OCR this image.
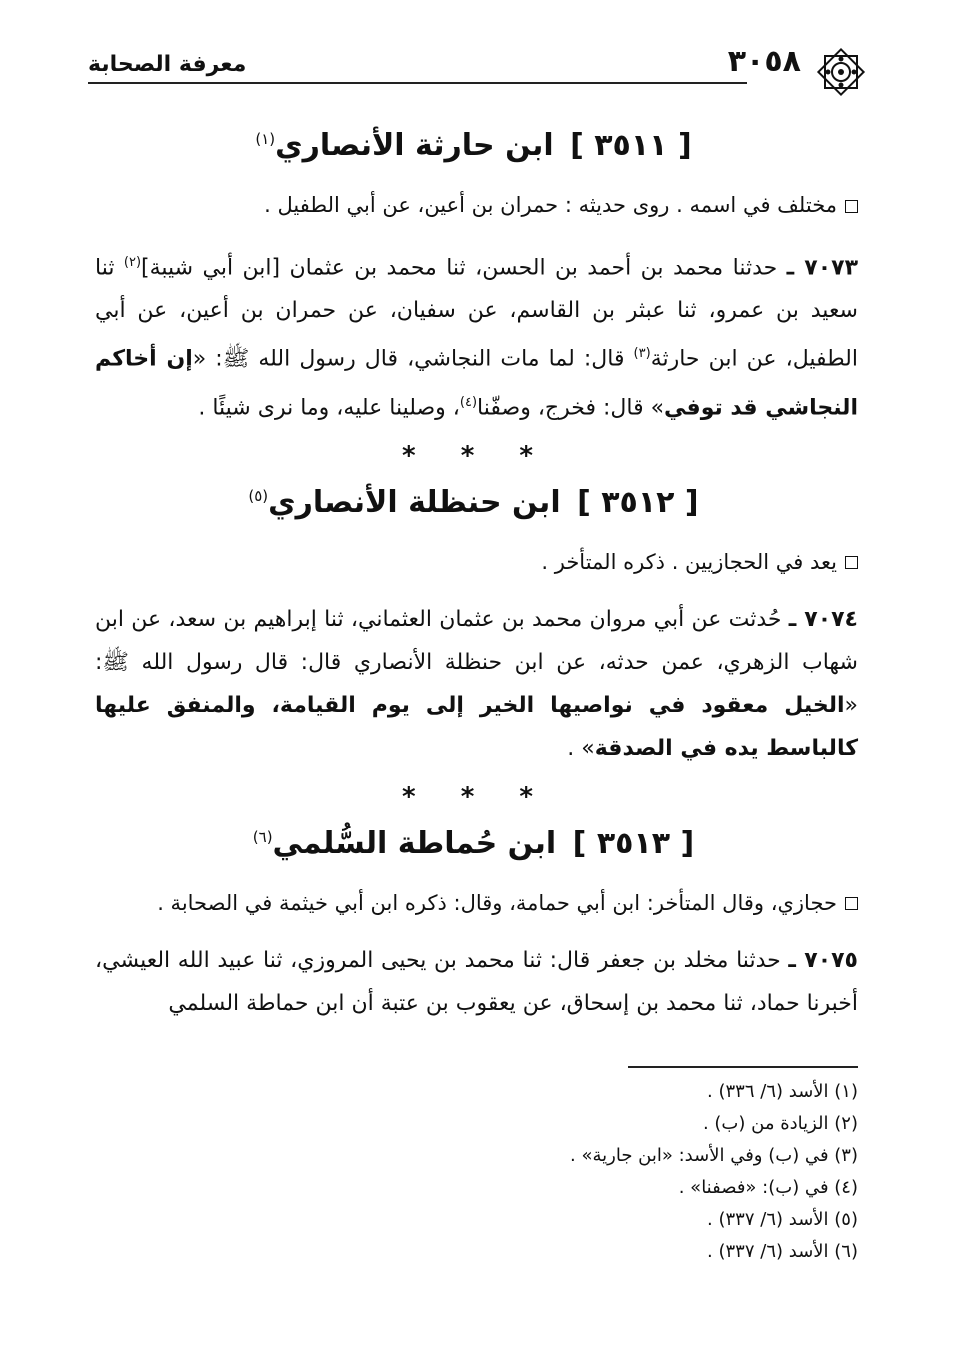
٣٠٥٨
معرفة الصحابة
[ ٣٥١١ ] ابن حارثة الأنصاري$^{(١)}$

مختلف في اسمه . روى حديثه : حمران بن أعين، عن أبي الطفيل .

٧٠٧٣ ـ حدثنا محمد بن أحمد بن الحسن، ثنا محمد بن عثمان [ابن أبي شيبة]$^{(٢)}$ ثنا سعيد بن عمرو، ثنا عبثر بن القاسم، عن سفيان، عن حمران بن أعين، عن أبي الطفيل، عن ابن حارثة$^{(٣)}$ قال: لما مات النجاشي، قال رسول الله ﷺ: «إن أخاكم النجاشي قد توفي» قال: فخرج، وصفّنا$^{(٤)}$، وصلينا عليه، وما نرى شيئًا .

* * *
[ ٣٥١٢ ] ابن حنظلة الأنصاري$^{(٥)}$

يعد في الحجازيين . ذكره المتأخر .

٧٠٧٤ ـ حُدثت عن أبي مروان محمد بن عثمان العثماني، ثنا إبراهيم بن سعد، عن ابن شهاب الزهري، عمن حدثه، عن ابن حنظلة الأنصاري قال: قال رسول الله ﷺ: «الخيل معقود في نواصيها الخير إلى يوم القيامة، والمنفق عليها كالباسط يده في الصدقة» .

* * *
[ ٣٥١٣ ] ابن حُماطة السُّلمي$^{(٦)}$

حجازي، وقال المتأخر: ابن أبي حمامة، وقال: ذكره ابن أبي خيثمة في الصحابة .

٧٠٧٥ ـ حدثنا مخلد بن جعفر قال: ثنا محمد بن يحيى المروزي، ثنا عبيد الله العيشي، أخبرنا حماد، ثنا محمد بن إسحاق، عن يعقوب بن عتبة أن ابن حماطة السلمي

(١) الأسد (٦/ ٣٣٦) .
(٢) الزيادة من (ب) .
(٣) في (ب) وفي الأسد: «ابن جارية» .
(٤) في (ب): «فصفنا» .
(٥) الأسد (٦/ ٣٣٧) .
(٦) الأسد (٦/ ٣٣٧) .
